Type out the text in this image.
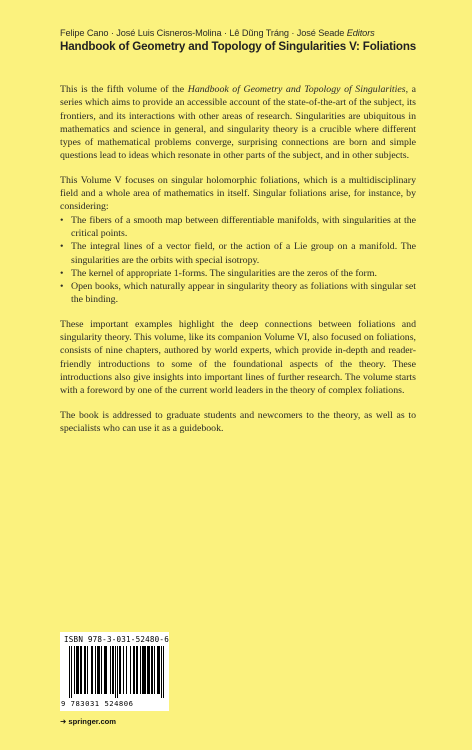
Felipe Cano · José Luis Cisneros-Molina · Lê Dũng Tráng · José Seade Editors
Handbook of Geometry and Topology of Singularities V: Foliations

This is the fifth volume of the Handbook of Geometry and Topology of Singularities, a series which aims to provide an accessible account of the state-of-the-art of the subject, its frontiers, and its interactions with other areas of research. Singularities are ubiquitous in mathematics and science in general, and singularity theory is a crucible where different types of mathematical problems converge, surprising connections are born and simple questions lead to ideas which resonate in other parts of the subject, and in other subjects.

This Volume V focuses on singular holomorphic foliations, which is a multidisciplinary field and a whole area of mathematics in itself. Singular foliations arise, for instance, by considering:

• The fibers of a smooth map between differentiable manifolds, with singularities at the critical points.
• The integral lines of a vector field, or the action of a Lie group on a manifold. The singularities are the orbits with special isotropy.
• The kernel of appropriate 1-forms. The singularities are the zeros of the form.
• Open books, which naturally appear in singularity theory as foliations with singular set the binding.

These important examples highlight the deep connections between foliations and singularity theory. This volume, like its companion Volume VI, also focused on foliations, consists of nine chapters, authored by world experts, which provide in-depth and reader-friendly introductions to some of the foundational aspects of the theory. These introductions also give insights into important lines of further research. The volume starts with a foreword by one of the current world leaders in the theory of complex foliations.

The book is addressed to graduate students and newcomers to the theory, as well as to specialists who can use it as a guidebook.

ISBN 978-3-031-52480-6
9 783031 524806
➜ springer.com
